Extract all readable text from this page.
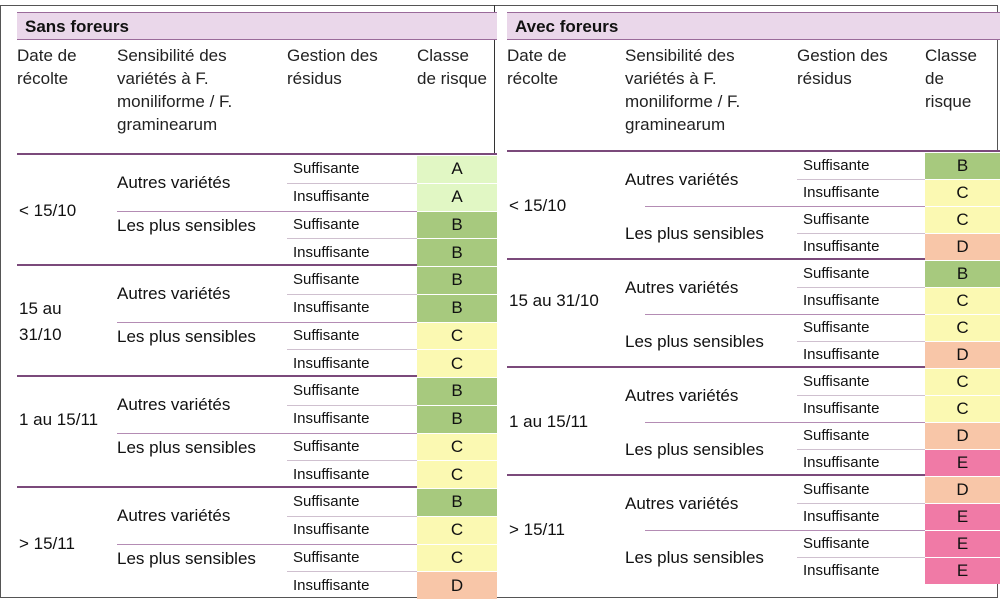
Sans foreurs
Date de récolte
Sensibilité des variétés à F. moniliforme / F. graminearum
Gestion des résidus
Classe de risque
< 15/10
Autres variétés
Suffisante	A
Insuffisante	A
Les plus sensibles	Suffisante	B
Insuffisante	B
15 au 31/10
Autres variétés
Suffisante	B
Insuffisante	B
Les plus sensibles	Suffisante	C
Insuffisante	C
1 au 15/11
Autres variétés
Suffisante	B
Insuffisante	B
Les plus sensibles	Suffisante	C
Insuffisante	C
> 15/11
Autres variétés
Suffisante	B
Insuffisante	C
Les plus sensibles	Suffisante	C
Insuffisante	D
Avec foreurs
Date de récolte
Sensibilité des variétés à F. moniliforme / F. graminearum
Gestion des résidus
Classe de risque
< 15/10
Autres variétés
Suffisante	B
Insuffisante	C
Les plus sensibles
Suffisante	C
Insuffisante	D
15 au 31/10
Autres variétés
Suffisante	B
Insuffisante	C
Les plus sensibles
Suffisante	C
Insuffisante	D
1 au 15/11
Autres variétés
Suffisante	C
Insuffisante	C
Les plus sensibles
Suffisante	D
Insuffisante	E
> 15/11
Autres variétés
Suffisante	D
Insuffisante	E
Les plus sensibles
Suffisante	E
Insuffisante	E
